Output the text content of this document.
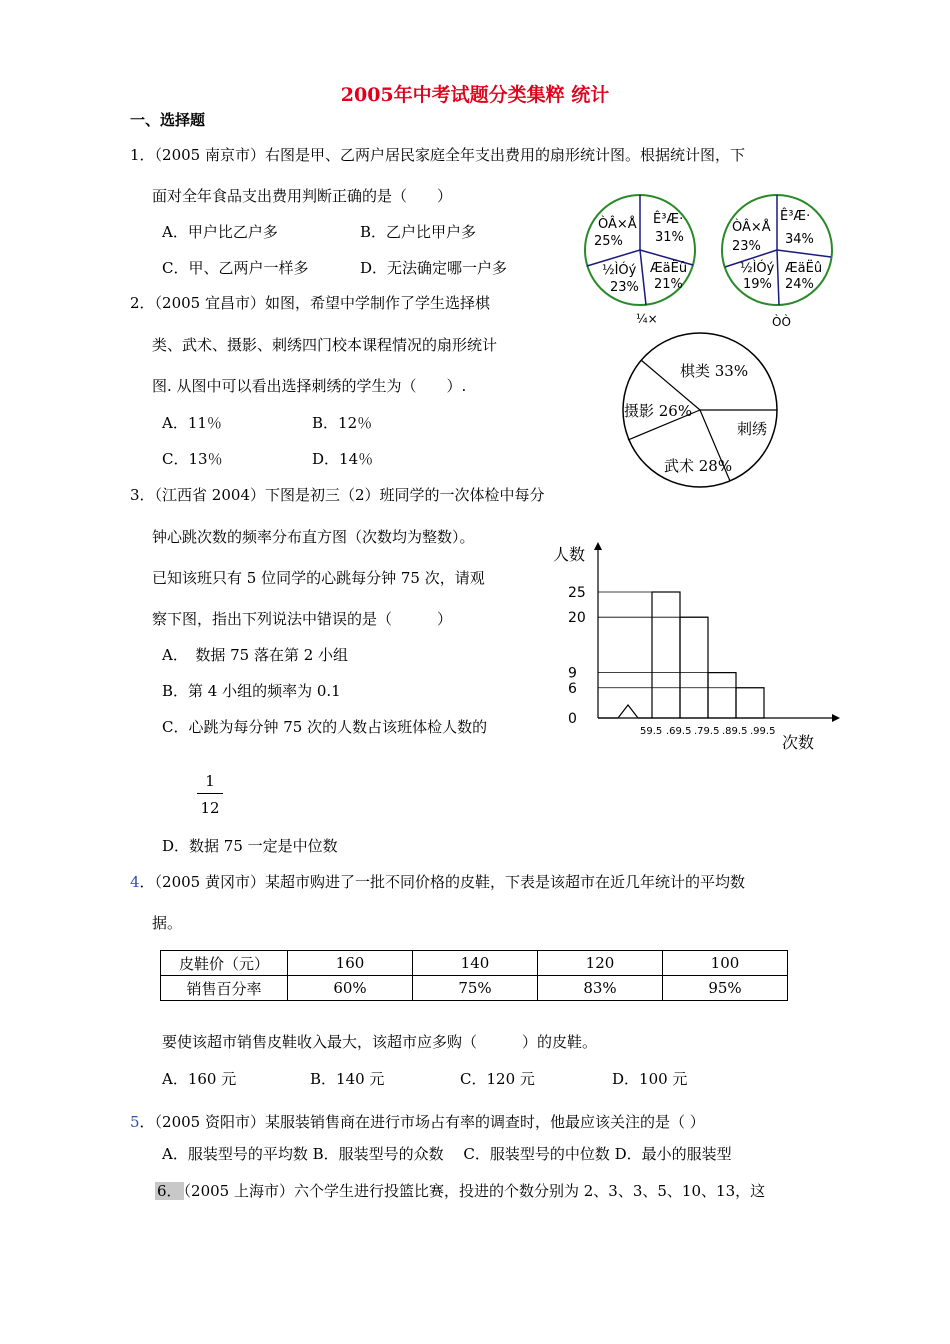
2005年中考试题分类集粹 统计
一、选择题
1．（2005 南京市）右图是甲、乙两户居民家庭全年支出费用的扇形统计图。根据统计图，下
面对全年食品支出费用判断正确的是（　　）
A．甲户比乙户多	B．乙户比甲户多
C．甲、乙两户一样多	D．无法确定哪一户多
ÒÂ×Å
25%
Ê³Æ·
31%
½ÌÓý
23%
ÆäËû
21%
¼×
ÒÂ×Å
23%
Ê³Æ·
34%
½ÌÓý
19%
ÆäËû
24%
ÒÒ
2．（2005 宜昌市）如图，希望中学制作了学生选择棋
类、武术、摄影、刺绣四门校本课程情况的扇形统计
图. 从图中可以看出选择刺绣的学生为（　　）.
A．11％	B．12％
C．13％	D．14％
棋类 33%
摄影 26%
刺绣
武术 28%
3．（江西省 2004）下图是初三（2）班同学的一次体检中每分
钟心跳次数的频率分布直方图（次数均为整数）。
已知该班只有 5 位同学的心跳每分钟 75 次，请观
察下图，指出下列说法中错误的是（　　　）
A．　数据 75 落在第 2 小组
B．第 4 小组的频率为 0.1
C．心跳为每分钟 75 次的人数占该班体检人数的
1
12
D．数据 75 一定是中位数
人数
次数
25
20
9
6
0
59.5 .69.5 .79.5 .89.5 .99.5
4．（2005 黄冈市）某超市购进了一批不同价格的皮鞋，下表是该超市在近几年统计的平均数
据。
皮鞋价（元）	160	140	120	100
销售百分率	60%	75%	83%	95%
要使该超市销售皮鞋收入最大，该超市应多购（　　　）的皮鞋。
A．160 元	B．140 元	C．120 元	D．100 元
5．（2005 资阳市）某服装销售商在进行市场占有率的调查时，他最应该关注的是（ ）
A．服装型号的平均数 B．服装型号的众数　 C．服装型号的中位数 D．最小的服装型
6． （2005 上海市）六个学生进行投篮比赛，投进的个数分别为 2、3、3、5、10、13，这
